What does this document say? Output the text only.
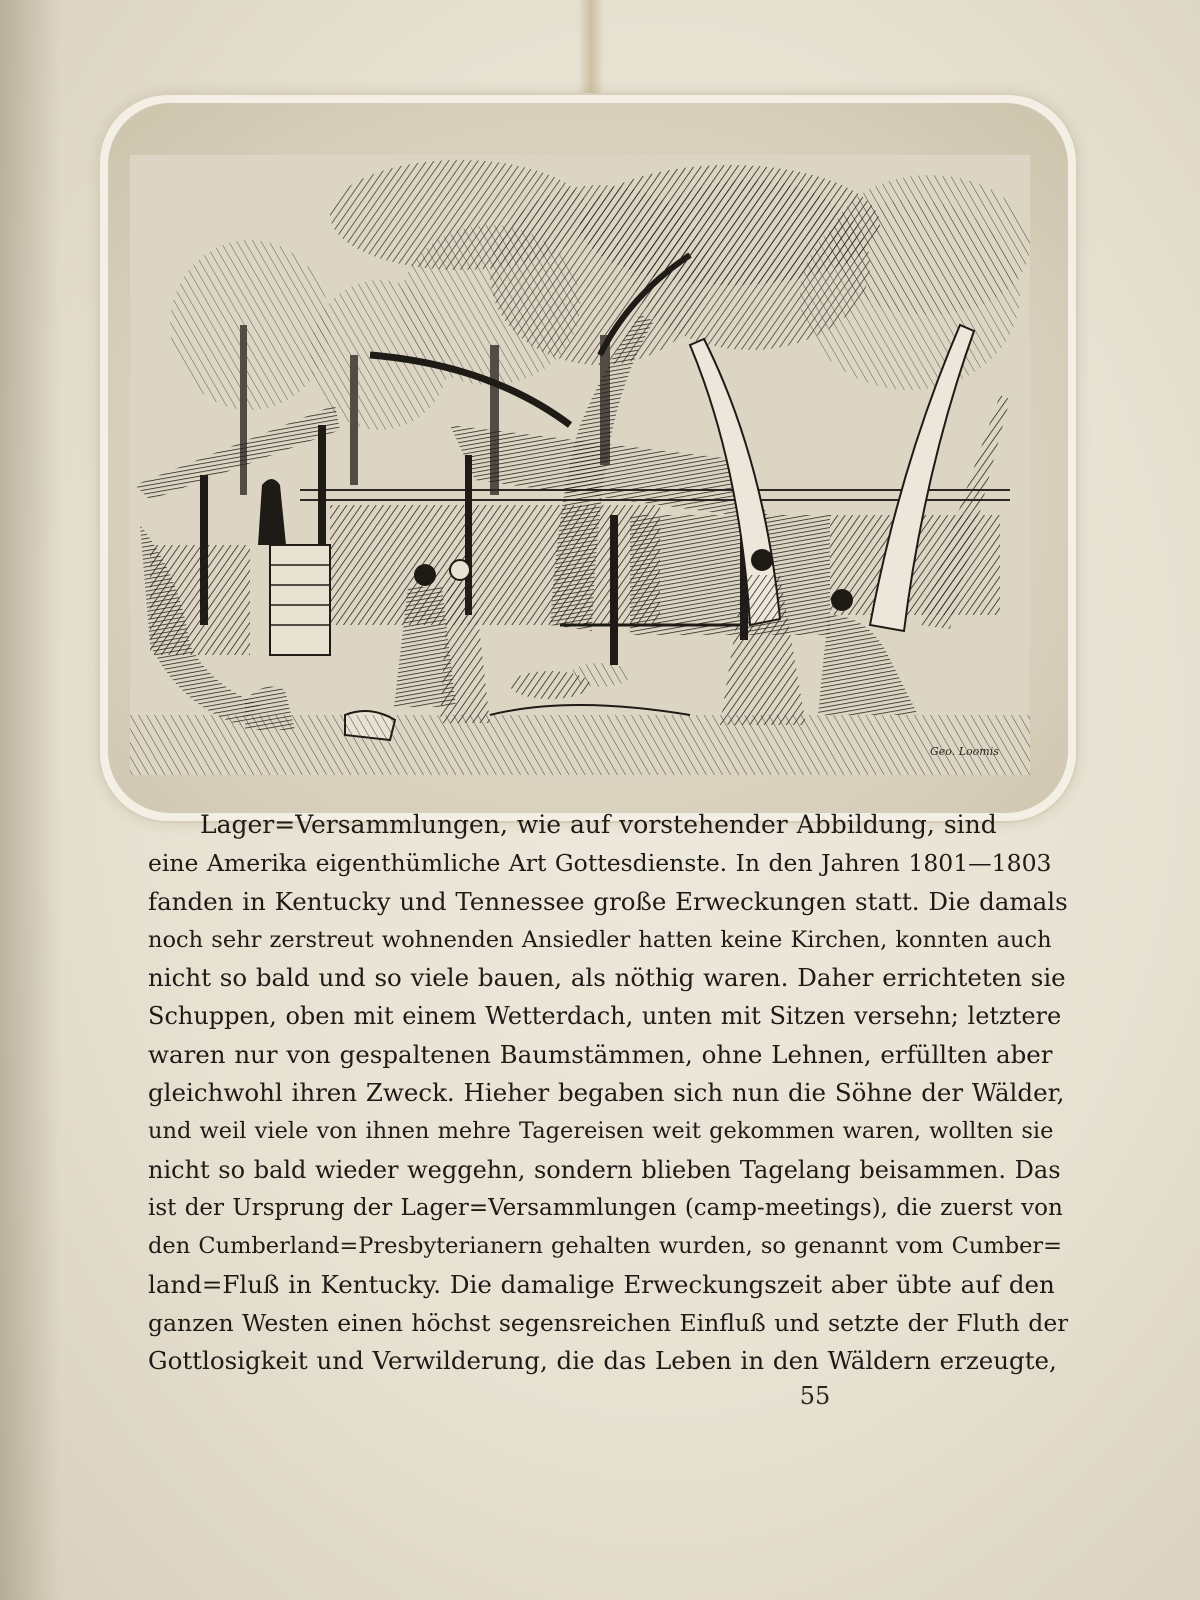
Geo. Loomis

Lager=Versammlungen, wie auf vorstehender Abbildung, sind
eine Amerika eigenthümliche Art Gottesdienste. In den Jahren 1801—1803
fanden in Kentucky und Tennessee große Erweckungen statt. Die damals
noch sehr zerstreut wohnenden Ansiedler hatten keine Kirchen, konnten auch
nicht so bald und so viele bauen, als nöthig waren. Daher errichteten sie
Schuppen, oben mit einem Wetterdach, unten mit Sitzen versehn; letztere
waren nur von gespaltenen Baumstämmen, ohne Lehnen, erfüllten aber
gleichwohl ihren Zweck. Hieher begaben sich nun die Söhne der Wälder,
und weil viele von ihnen mehre Tagereisen weit gekommen waren, wollten sie
nicht so bald wieder weggehn, sondern blieben Tagelang beisammen. Das
ist der Ursprung der Lager=Versammlungen (camp-meetings), die zuerst von
den Cumberland=Presbyterianern gehalten wurden, so genannt vom Cumber=
land=Fluß in Kentucky. Die damalige Erweckungszeit aber übte auf den
ganzen Westen einen höchst segensreichen Einfluß und setzte der Fluth der
Gottlosigkeit und Verwilderung, die das Leben in den Wäldern erzeugte,

55
